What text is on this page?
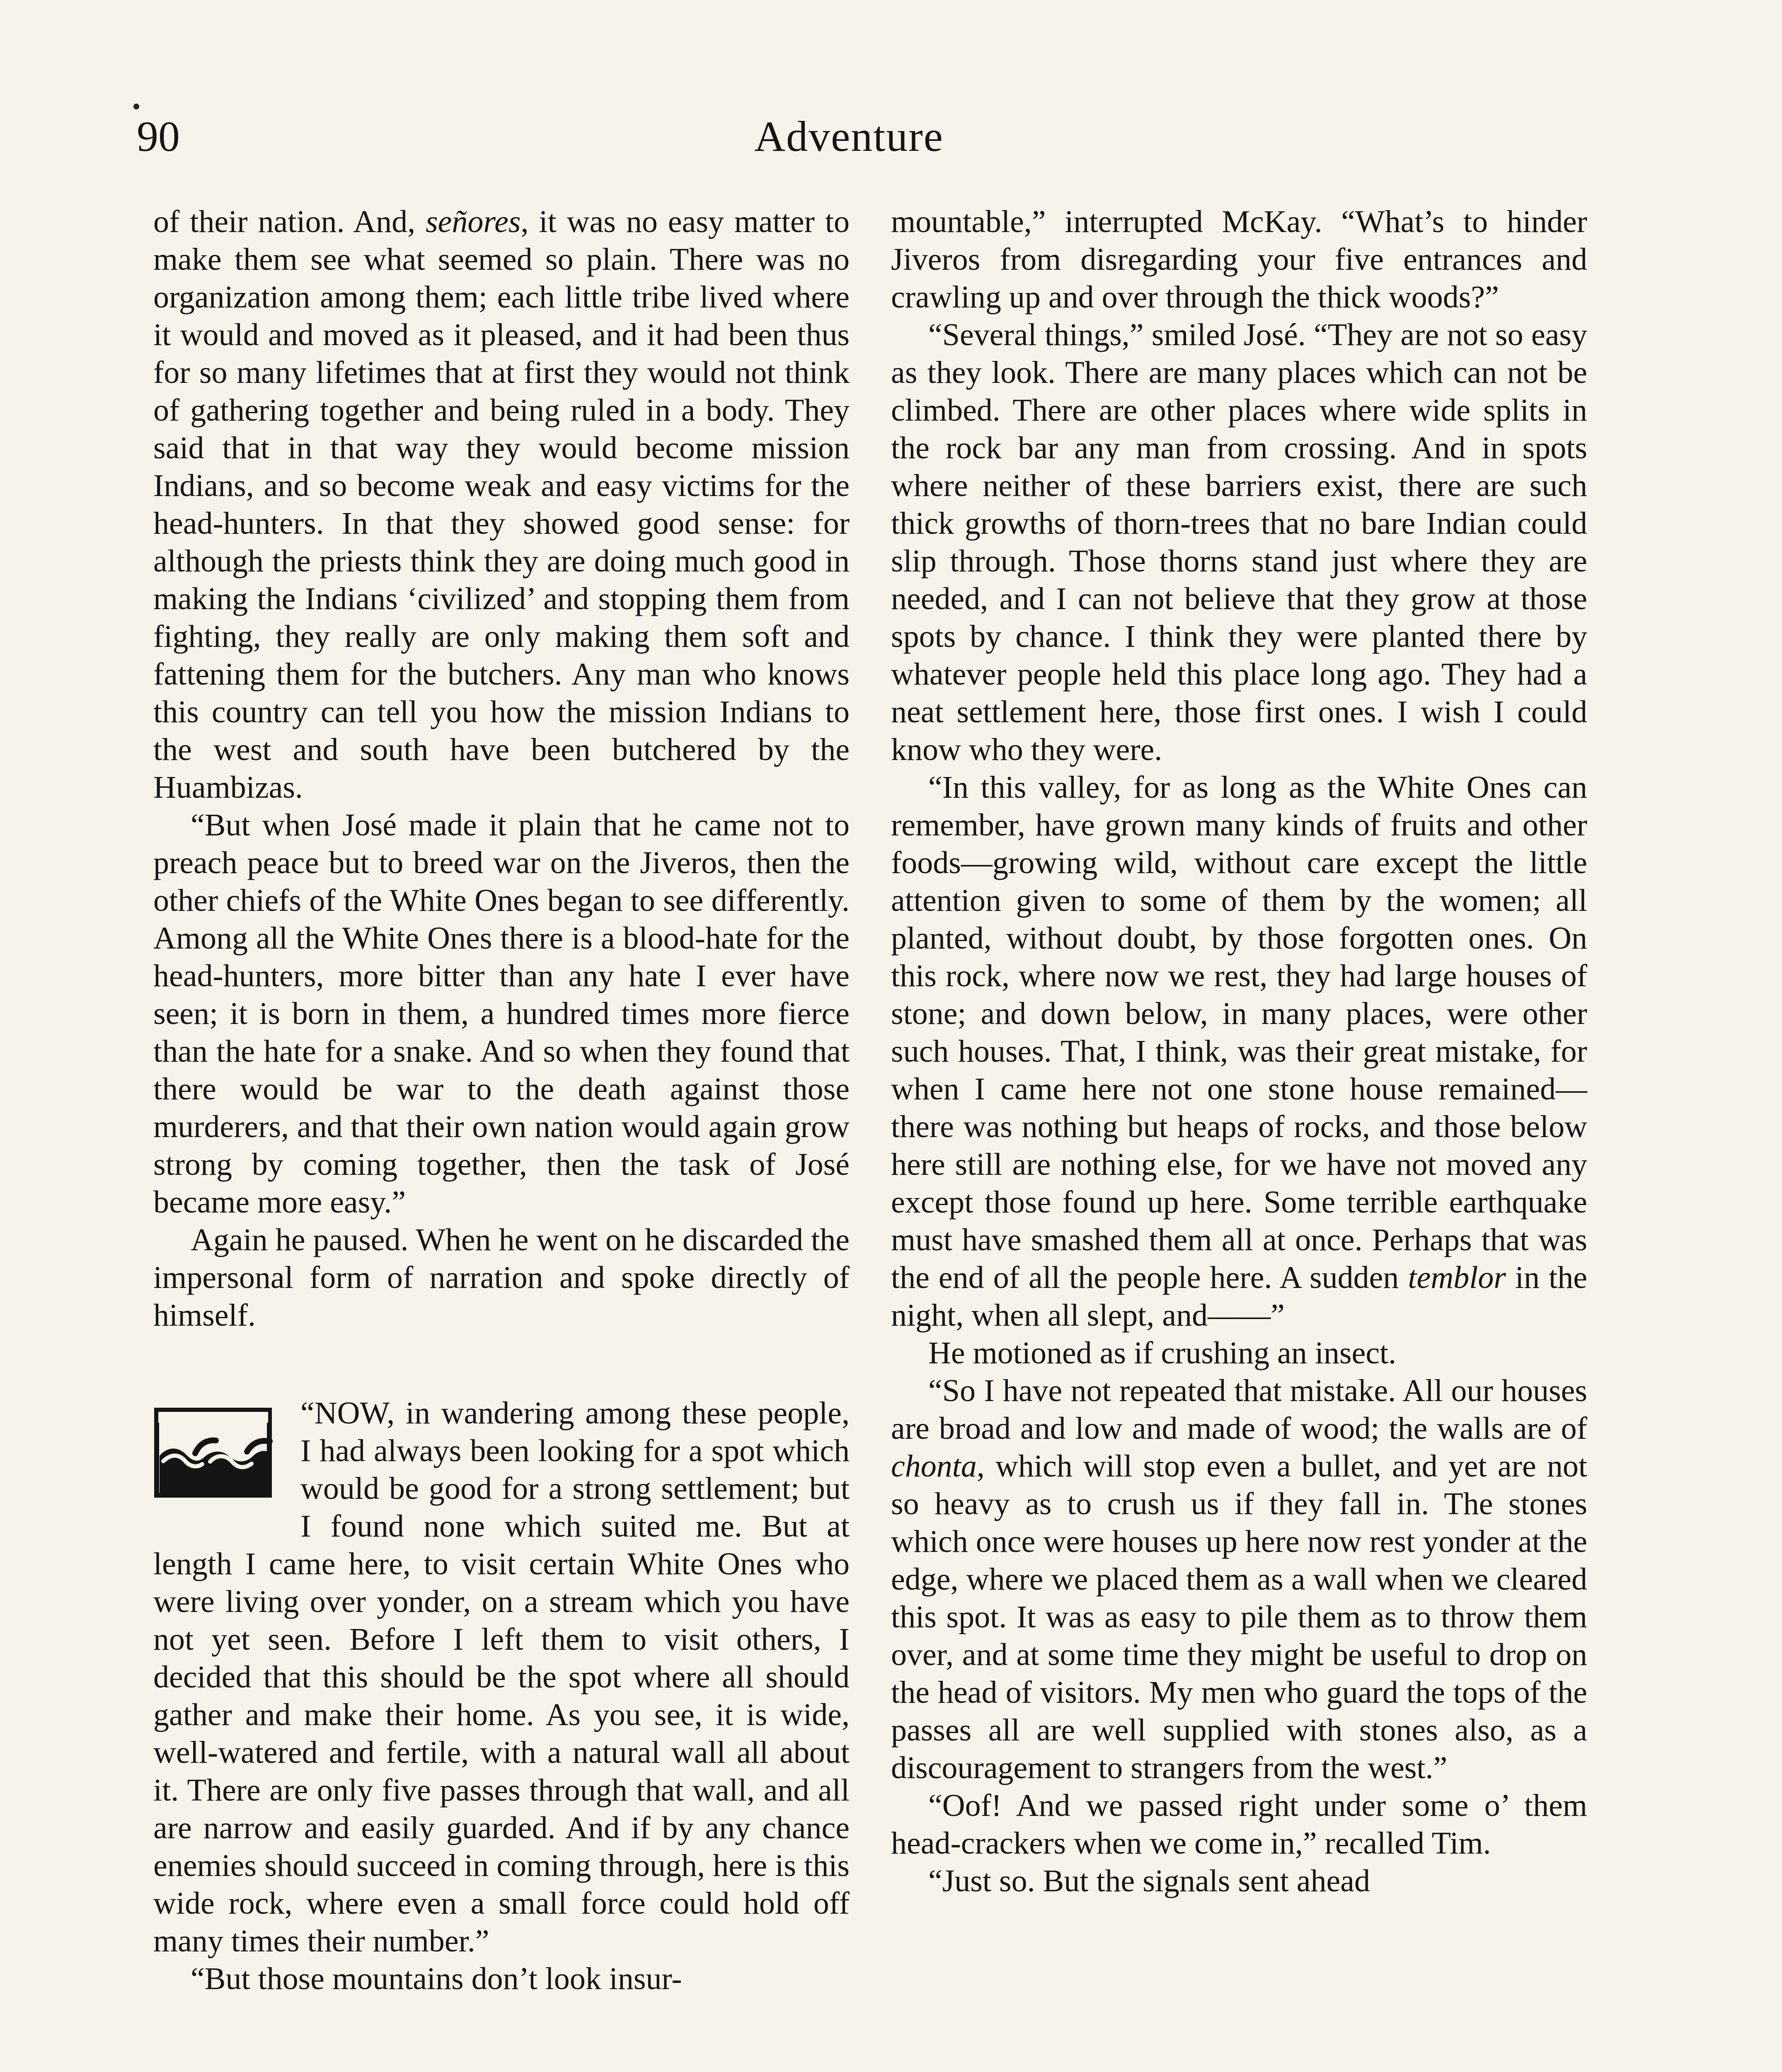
90	Adventure

of their nation. And, señores, it was no easy matter to make them see what seemed so plain. There was no organization among them; each little tribe lived where it would and moved as it pleased, and it had been thus for so many lifetimes that at first they would not think of gathering together and being ruled in a body. They said that in that way they would become mission Indians, and so become weak and easy victims for the head-hunters. In that they showed good sense: for although the priests think they are doing much good in making the Indians ‘civilized’ and stopping them from fighting, they really are only making them soft and fattening them for the butchers. Any man who knows this country can tell you how the mission Indians to the west and south have been butchered by the Huambizas.

“But when José made it plain that he came not to preach peace but to breed war on the Jiveros, then the other chiefs of the White Ones began to see differently. Among all the White Ones there is a blood-hate for the head-hunters, more bitter than any hate I ever have seen; it is born in them, a hundred times more fierce than the hate for a snake. And so when they found that there would be war to the death against those murderers, and that their own nation would again grow strong by coming together, then the task of José became more easy.”

Again he paused. When he went on he discarded the impersonal form of narration and spoke directly of himself.

“NOW, in wandering among these people, I had always been looking for a spot which would be good for a strong settlement; but I found none which suited me. But at length I came here, to visit certain White Ones who were living over yonder, on a stream which you have not yet seen. Before I left them to visit others, I decided that this should be the spot where all should gather and make their home. As you see, it is wide, well-watered and fertile, with a natural wall all about it. There are only five passes through that wall, and all are narrow and easily guarded. And if by any chance enemies should succeed in coming through, here is this wide rock, where even a small force could hold off many times their number.”

“But those mountains don’t look insur-

mountable,” interrupted McKay. “What’s to hinder Jiveros from disregarding your five entrances and crawling up and over through the thick woods?”

“Several things,” smiled José. “They are not so easy as they look. There are many places which can not be climbed. There are other places where wide splits in the rock bar any man from crossing. And in spots where neither of these barriers exist, there are such thick growths of thorn-trees that no bare Indian could slip through. Those thorns stand just where they are needed, and I can not believe that they grow at those spots by chance. I think they were planted there by whatever people held this place long ago. They had a neat settlement here, those first ones. I wish I could know who they were.

“In this valley, for as long as the White Ones can remember, have grown many kinds of fruits and other foods—growing wild, without care except the little attention given to some of them by the women; all planted, without doubt, by those forgotten ones. On this rock, where now we rest, they had large houses of stone; and down below, in many places, were other such houses. That, I think, was their great mistake, for when I came here not one stone house remained—there was nothing but heaps of rocks, and those below here still are nothing else, for we have not moved any except those found up here. Some terrible earthquake must have smashed them all at once. Perhaps that was the end of all the people here. A sudden temblor in the night, when all slept, and——”

He motioned as if crushing an insect.

“So I have not repeated that mistake. All our houses are broad and low and made of wood; the walls are of chonta, which will stop even a bullet, and yet are not so heavy as to crush us if they fall in. The stones which once were houses up here now rest yonder at the edge, where we placed them as a wall when we cleared this spot. It was as easy to pile them as to throw them over, and at some time they might be useful to drop on the head of visitors. My men who guard the tops of the passes all are well supplied with stones also, as a discouragement to strangers from the west.”

“Oof! And we passed right under some o’ them head-crackers when we come in,” recalled Tim.

“Just so. But the signals sent ahead
